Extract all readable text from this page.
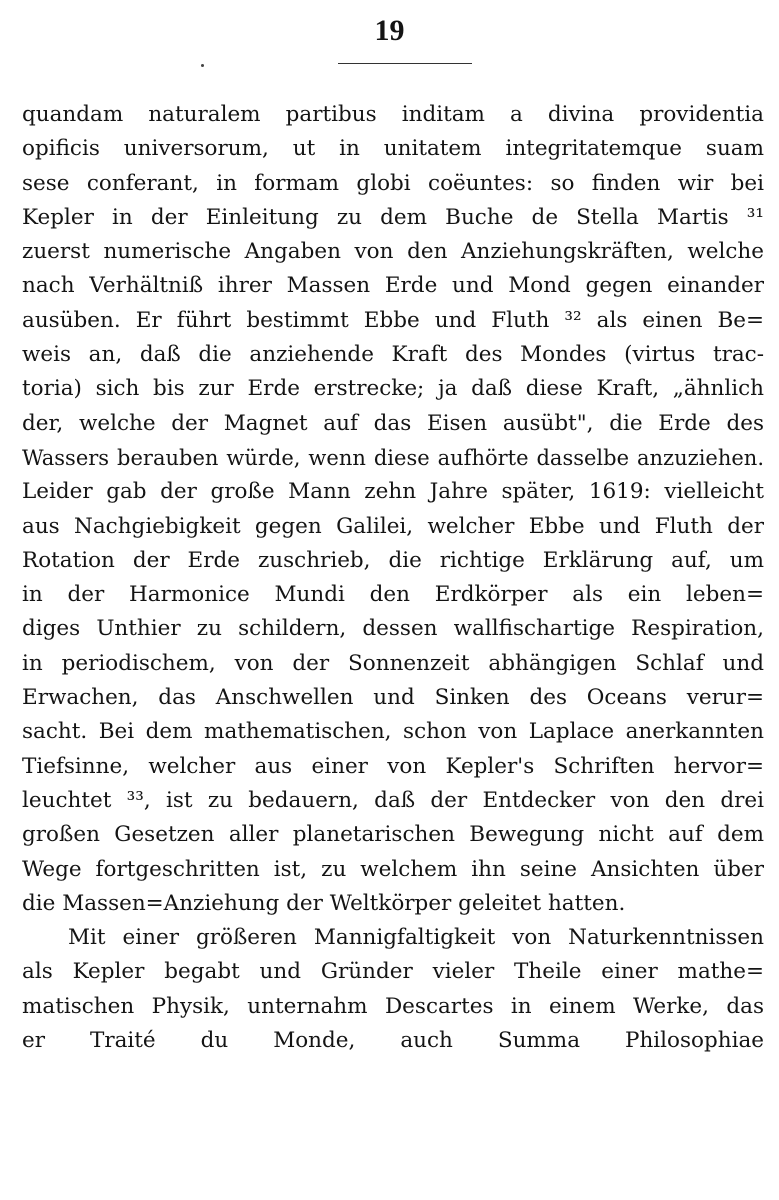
19
quandam naturalem partibus inditam a divina providentia
opificis universorum, ut in unitatem integritatemque suam
sese conferant, in formam globi coëuntes: so finden wir bei
Kepler in der Einleitung zu dem Buche de Stella Martis ³¹
zuerst numerische Angaben von den Anziehungskräften, welche
nach Verhältniß ihrer Massen Erde und Mond gegen einander
ausüben. Er führt bestimmt Ebbe und Fluth ³² als einen Be=
weis an, daß die anziehende Kraft des Mondes (virtus trac-
toria) sich bis zur Erde erstrecke; ja daß diese Kraft, „ähnlich
der, welche der Magnet auf das Eisen ausübt", die Erde des
Wassers berauben würde, wenn diese aufhörte dasselbe anzuziehen.
Leider gab der große Mann zehn Jahre später, 1619: vielleicht
aus Nachgiebigkeit gegen Galilei, welcher Ebbe und Fluth der
Rotation der Erde zuschrieb, die richtige Erklärung auf, um
in der Harmonice Mundi den Erdkörper als ein leben=
diges Unthier zu schildern, dessen wallfischartige Respiration,
in periodischem, von der Sonnenzeit abhängigen Schlaf und
Erwachen, das Anschwellen und Sinken des Oceans verur=
sacht. Bei dem mathematischen, schon von Laplace anerkannten
Tiefsinne, welcher aus einer von Kepler's Schriften hervor=
leuchtet ³³, ist zu bedauern, daß der Entdecker von den drei
großen Gesetzen aller planetarischen Bewegung nicht auf dem
Wege fortgeschritten ist, zu welchem ihn seine Ansichten über
die Massen=Anziehung der Weltkörper geleitet hatten.
Mit einer größeren Mannigfaltigkeit von Naturkenntnissen
als Kepler begabt und Gründer vieler Theile einer mathe=
matischen Physik, unternahm Descartes in einem Werke, das
er Traité du Monde, auch Summa Philosophiae
